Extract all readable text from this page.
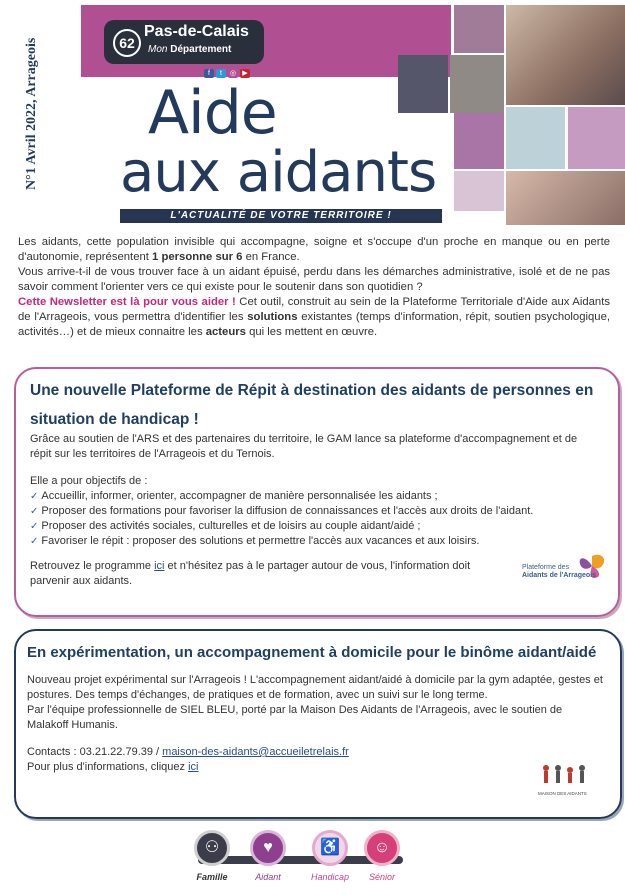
N°1 Avril 2022, Arrageois	62
Pas-de-Calais
Mon Département
f t ◎ ▶
Aide
aux aidants
L'ACTUALITÉ DE VOTRE TERRITOIRE !

Les aidants, cette population invisible qui accompagne, soigne et s'occupe d'un proche en manque ou en perte d'autonomie, représentent 1 personne sur 6 en France.

Vous arrive-t-il de vous trouver face à un aidant épuisé, perdu dans les démarches administrative, isolé et de ne pas savoir comment l'orienter vers ce qui existe pour le soutenir dans son quotidien ?

Cette Newsletter est là pour vous aider ! Cet outil, construit au sein de la Plateforme Territoriale d'Aide aux Aidants de l'Arrageois, vous permettra d'identifier les solutions existantes (temps d'information, répit, soutien psychologique, activités…) et de mieux connaitre les acteurs qui les mettent en œuvre.

Une nouvelle Plateforme de Répit à destination des aidants de personnes en
situation de handicap !

Grâce au soutien de l'ARS et des partenaires du territoire, le GAM lance sa plateforme d'accompagnement et de répit sur les territoires de l'Arrageois et du Ternois.

Elle a pour objectifs de :

✓ Accueillir, informer, orienter, accompagner de manière personnalisée les aidants ;
✓ Proposer des formations pour favoriser la diffusion de connaissances et l'accès aux droits de l'aidant.
✓ Proposer des activités sociales, culturelles et de loisirs au couple aidant/aidé ;
✓ Favoriser le répit : proposer des solutions et permettre l'accès aux vacances et aux loisirs.
Retrouvez le programme ici et n'hésitez pas à le partager autour de vous, l'information doit parvenir aux aidants.
Plateforme des
Aidants de l'Arrageois
En expérimentation, un accompagnement à domicile pour le binôme aidant/aidé

Nouveau projet expérimental sur l'Arrageois ! L'accompagnement aidant/aidé à domicile par la gym adaptée, gestes et postures. Des temps d'échanges, de pratiques et de formation, avec un suivi sur le long terme.

Par l'équipe professionnelle de SIEL BLEU, porté par la Maison Des Aidants de l'Arrageois, avec le soutien de Malakoff Humanis.

Contacts : 03.21.22.79.39 / maison-des-aidants@accueiletrelais.fr

Pour plus d'informations, cliquez ici

MAISON DES AIDANTS
⚇
Famille
♥
Aidant
♿
Handicap
☺
Sénior
